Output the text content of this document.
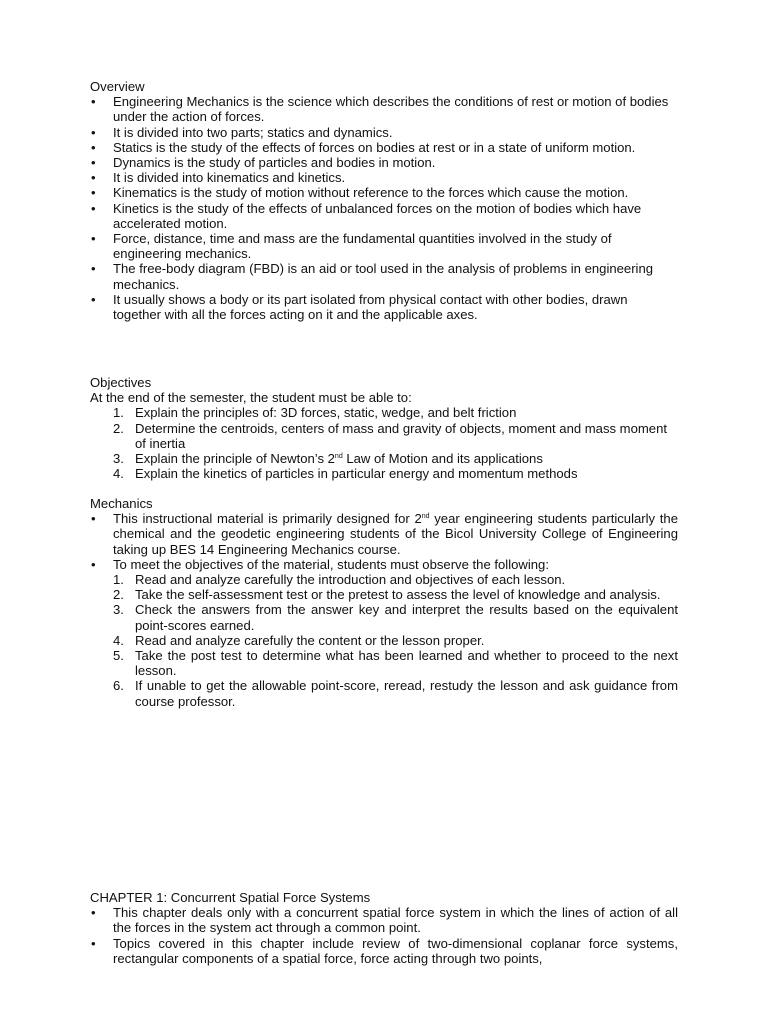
Overview
• Engineering Mechanics is the science which describes the conditions of rest or motion of bodies under the action of forces.
• It is divided into two parts; statics and dynamics.
• Statics is the study of the effects of forces on bodies at rest or in a state of uniform motion.
• Dynamics is the study of particles and bodies in motion.
• It is divided into kinematics and kinetics.
• Kinematics is the study of motion without reference to the forces which cause the motion.
• Kinetics is the study of the effects of unbalanced forces on the motion of bodies which have accelerated motion.
• Force, distance, time and mass are the fundamental quantities involved in the study of engineering mechanics.
• The free-body diagram (FBD) is an aid or tool used in the analysis of problems in engineering mechanics.
• It usually shows a body or its part isolated from physical contact with other bodies, drawn together with all the forces acting on it and the applicable axes.
Objectives
At the end of the semester, the student must be able to:
1. Explain the principles of: 3D forces, static, wedge, and belt friction
2. Determine the centroids, centers of mass and gravity of objects, moment and mass moment of inertia
3. Explain the principle of Newton’s 2nd Law of Motion and its applications
4. Explain the kinetics of particles in particular energy and momentum methods
Mechanics
• This instructional material is primarily designed for 2nd year engineering students particularly the chemical and the geodetic engineering students of the Bicol University College of Engineering taking up BES 14 Engineering Mechanics course.
• To meet the objectives of the material, students must observe the following:
1. Read and analyze carefully the introduction and objectives of each lesson.
2. Take the self-assessment test or the pretest to assess the level of knowledge and analysis.
3. Check the answers from the answer key and interpret the results based on the equivalent point-scores earned.
4. Read and analyze carefully the content or the lesson proper.
5. Take the post test to determine what has been learned and whether to proceed to the next lesson.
6. If unable to get the allowable point-score, reread, restudy the lesson and ask guidance from course professor.
CHAPTER 1: Concurrent Spatial Force Systems
• This chapter deals only with a concurrent spatial force system in which the lines of action of all the forces in the system act through a common point.
• Topics covered in this chapter include review of two-dimensional coplanar force systems, rectangular components of a spatial force, force acting through two points,
